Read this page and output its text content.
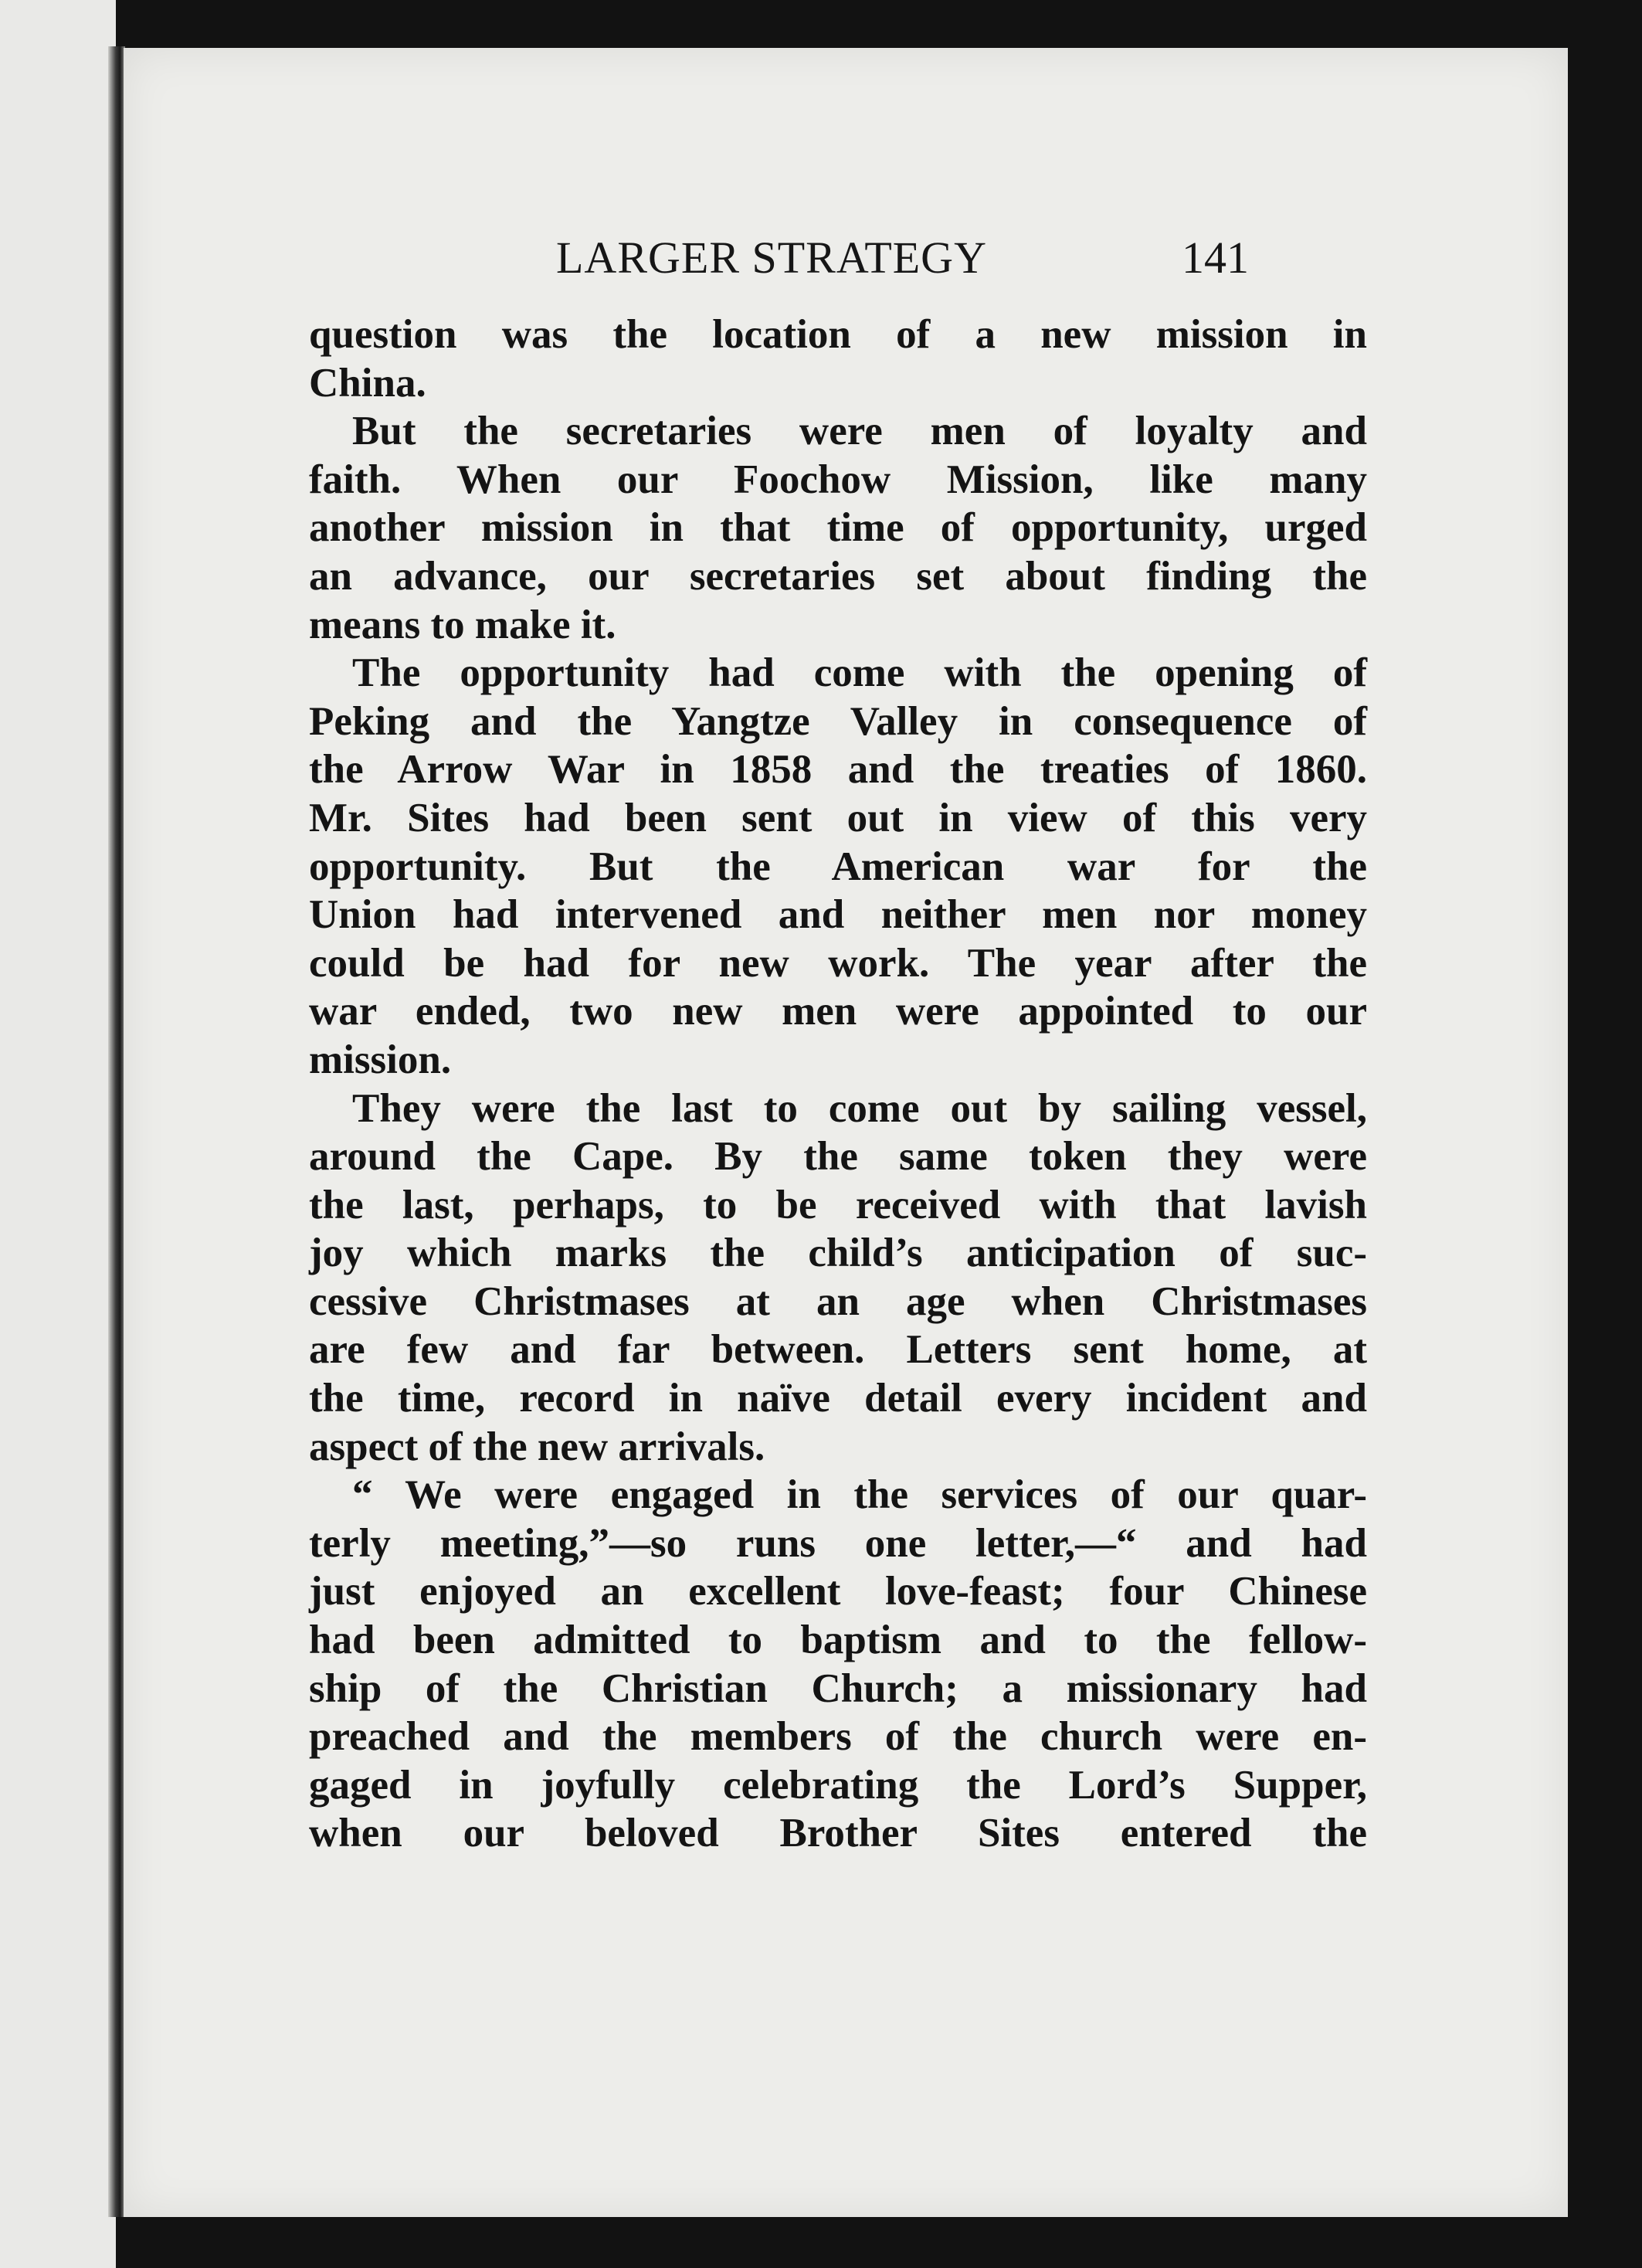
LARGER STRATEGY	141
question was the location of a new mission in
China.
But the secretaries were men of loyalty and
faith. When our Foochow Mission, like many
another mission in that time of opportunity, urged
an advance, our secretaries set about finding the
means to make it.
The opportunity had come with the opening of
Peking and the Yangtze Valley in consequence of
the Arrow War in 1858 and the treaties of 1860.
Mr. Sites had been sent out in view of this very
opportunity. But the American war for the
Union had intervened and neither men nor money
could be had for new work. The year after the
war ended, two new men were appointed to our
mission.
They were the last to come out by sailing vessel,
around the Cape. By the same token they were
the last, perhaps, to be received with that lavish
joy which marks the child’s anticipation of suc-
cessive Christmases at an age when Christmases
are few and far between. Letters sent home, at
the time, record in naïve detail every incident and
aspect of the new arrivals.
“ We were engaged in the services of our quar-
terly meeting,”—so runs one letter,—“ and had
just enjoyed an excellent love-feast; four Chinese
had been admitted to baptism and to the fellow-
ship of the Christian Church; a missionary had
preached and the members of the church were en-
gaged in joyfully celebrating the Lord’s Supper,
when our beloved Brother Sites entered the
